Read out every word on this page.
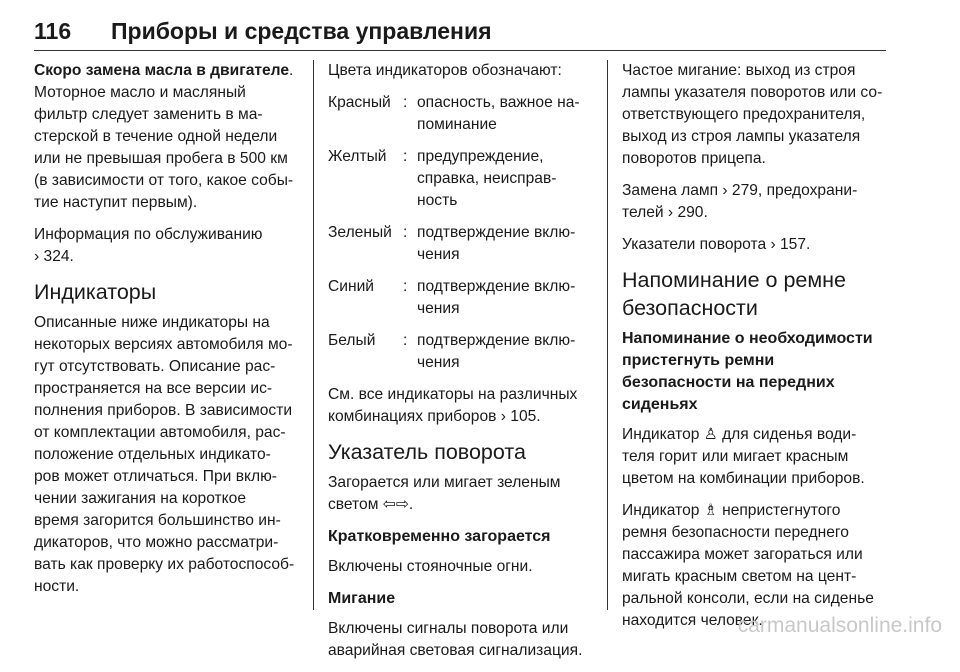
116 Приборы и средства управления

Скоро замена масла в двигателе.
Моторное масло и масляный
фильтр следует заменить в ма-
стерской в течение одной недели
или не превышая пробега в 500 км
(в зависимости от того, какое собы-
тие наступит первым).

Информация по обслуживанию
› 324.

Индикаторы

Описанные ниже индикаторы на
некоторых версиях автомобиля мо-
гут отсутствовать. Описание рас-
пространяется на все версии ис-
полнения приборов. В зависимости
от комплектации автомобиля, рас-
положение отдельных индикато-
ров может отличаться. При вклю-
чении зажигания на короткое
время загорится большинство ин-
дикаторов, что можно рассматри-
вать как проверку их работоспособ-
ности.

Цвета индикаторов обозначают:

Красный : опасность, важное на-
поминание
Желтый	: предупреждение,
справка, неисправ-
ность
Зеленый : подтверждение вклю-
чения
Синий	: подтверждение вклю-
чения
Белый	: подтверждение вклю-
чения

См. все индикаторы на различных
комбинациях приборов › 105.

Указатель поворота

Загорается или мигает зеленым
светом ⇦⇨.

Кратковременно загорается

Включены стояночные огни.

Мигание

Включены сигналы поворота или
аварийная световая сигнализация.

Частое мигание: выход из строя
лампы указателя поворотов или со-
ответствующего предохранителя,
выход из строя лампы указателя
поворотов прицепа.

Замена ламп › 279, предохрани-
телей › 290.

Указатели поворота › 157.

Напоминание о ремне
безопасности
Напоминание о необходимости
пристегнуть ремни
безопасности на передних
сиденьях

Индикатор ♙ для сиденья води-
теля горит или мигает красным
цветом на комбинации приборов.

Индикатор ♗ непристегнутого
ремня безопасности переднего
пассажира может загораться или
мигать красным светом на цент-
ральной консоли, если на сиденье
находится человек.

carmanualsonline.info
